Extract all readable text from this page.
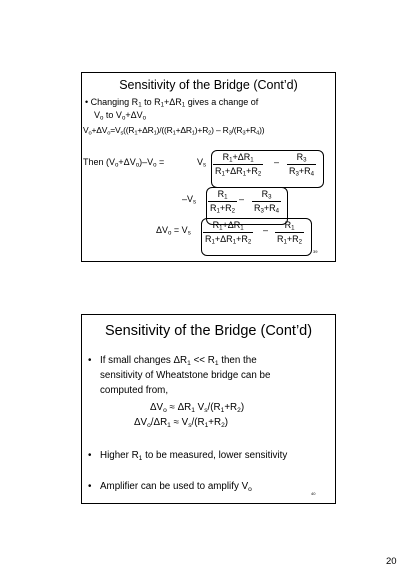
Sensitivity of the Bridge (Cont’d)
• Changing $R_1$ to $R_1+\Delta R_1$ gives a change of
$V_o$ to $V_o+\Delta V_o$
$V_o+\Delta V_o=V_s((R_1+\Delta R_1)/((R_1+\Delta R_1)+R_2) - R_3/(R_3+R_4))$
Then $(V_o+\Delta V_o)-V_o$ =	$V_s \frac{R_1+\Delta R_1}{R_1+\Delta R_1+R_2} - \frac{R_3}{R_3+R_4}$
$-V_s \frac{R_1}{R_1+R_2} - \frac{R_3}{R_3+R_4}$
$\Delta V_o = V_s \frac{R_1+\Delta R_1}{R_1+\Delta R_1+R_2} - \frac{R_1}{R_1+R_2}$
39
Sensitivity of the Bridge (Cont’d)
• If small changes $\Delta R_1 << R_1$ then the
sensitivity of Wheatstone bridge can be
computed from,
$\Delta V_o \approx \Delta R_1$ $V_s/(R_1+R_2)$
$\Delta V_o/\Delta R_1 \approx V_s/(R_1+R_2)$
• Higher $R_1$ to be measured, lower sensitivity
• Amplifier can be used to amplify $V_o$
40
20
